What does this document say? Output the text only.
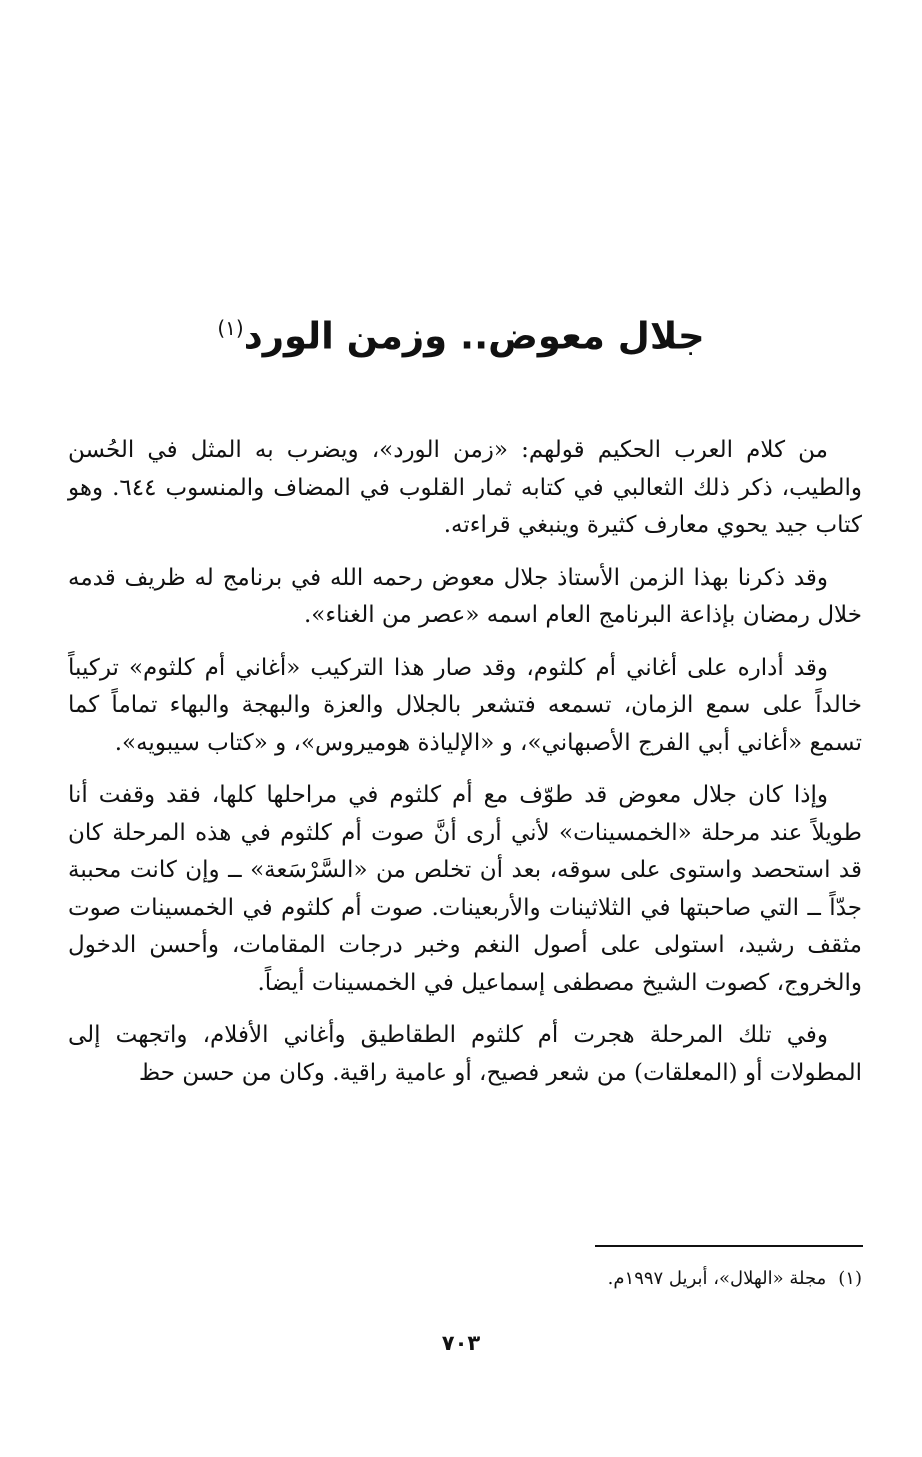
جلال معوض.. وزمن الورد$^{(١)}$

من كلام العرب الحكيم قولهم: «زمن الورد»، ويضرب به المثل في الحُسن والطيب، ذكر ذلك الثعالبي في كتابه ثمار القلوب في المضاف والمنسوب ٦٤٤. وهو كتاب جيد يحوي معارف كثيرة وينبغي قراءته.

وقد ذكرنا بهذا الزمن الأستاذ جلال معوض رحمه الله في برنامج له ظريف قدمه خلال رمضان بإذاعة البرنامج العام اسمه «عصر من الغناء».

وقد أداره على أغاني أم كلثوم، وقد صار هذا التركيب «أغاني أم كلثوم» تركيباً خالداً على سمع الزمان، تسمعه فتشعر بالجلال والعزة والبهجة والبهاء تماماً كما تسمع «أغاني أبي الفرج الأصبهاني»، و «الإلياذة هوميروس»، و «كتاب سيبويه».

وإذا كان جلال معوض قد طوّف مع أم كلثوم في مراحلها كلها، فقد وقفت أنا طويلاً عند مرحلة «الخمسينات» لأني أرى أنَّ صوت أم كلثوم في هذه المرحلة كان قد استحصد واستوى على سوقه، بعد أن تخلص من «السَّرْسَعة» ــ وإن كانت محببة جدّاً ــ التي صاحبتها في الثلاثينات والأربعينات. صوت أم كلثوم في الخمسينات صوت مثقف رشيد، استولى على أصول النغم وخبر درجات المقامات، وأحسن الدخول والخروج، كصوت الشيخ مصطفى إسماعيل في الخمسينات أيضاً.

وفي تلك المرحلة هجرت أم كلثوم الطقاطيق وأغاني الأفلام، واتجهت إلى المطولات أو (المعلقات) من شعر فصيح، أو عامية راقية. وكان من حسن حظ

(١)مجلة «الهلال»، أبريل ١٩٩٧م.
٧٠٣
